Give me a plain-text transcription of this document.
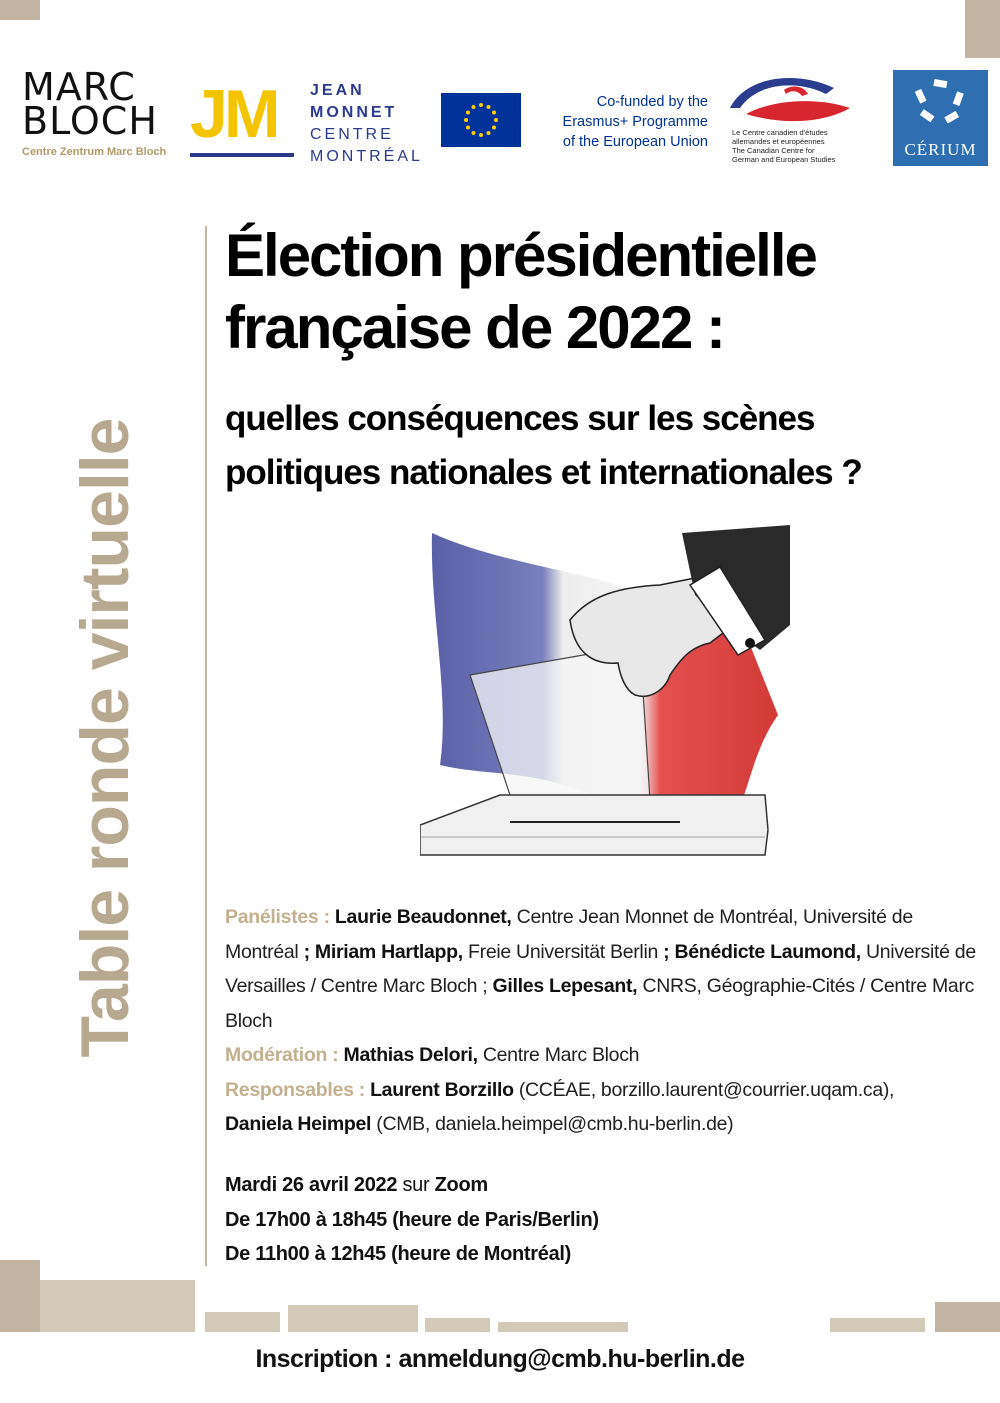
MARC
BLOCH
Centre Zentrum Marc Bloch JM JEAN
MONNET
CENTRE
MONTRÉAL
Co-funded by the
Erasmus+ Programme
of the European Union
Le Centre canadien d'études
allemandes et européennes
The Canadian Centre for
German and European Studies
CÉRIUM
Table ronde virtuelle
Élection présidentielle
française de 2022 :
quelles conséquences sur les scènes
politiques nationales et internationales ?
Panélistes : Laurie Beaudonnet, Centre Jean Monnet de Montréal, Université de Montréal ; Miriam Hartlapp, Freie Universität Berlin ; Bénédicte Laumond, Université de Versailles / Centre Marc Bloch ; Gilles Lepesant, CNRS, Géographie-Cités / Centre Marc Bloch
Modération : Mathias Delori, Centre Marc Bloch
Responsables : Laurent Borzillo (CCÉAE, borzillo.laurent@courrier.uqam.ca),
Daniela Heimpel (CMB, daniela.heimpel@cmb.hu-berlin.de)
Mardi 26 avril 2022 sur Zoom
De 17h00 à 18h45 (heure de Paris/Berlin)
De 11h00 à 12h45 (heure de Montréal)
Inscription : anmeldung@cmb.hu-berlin.de
